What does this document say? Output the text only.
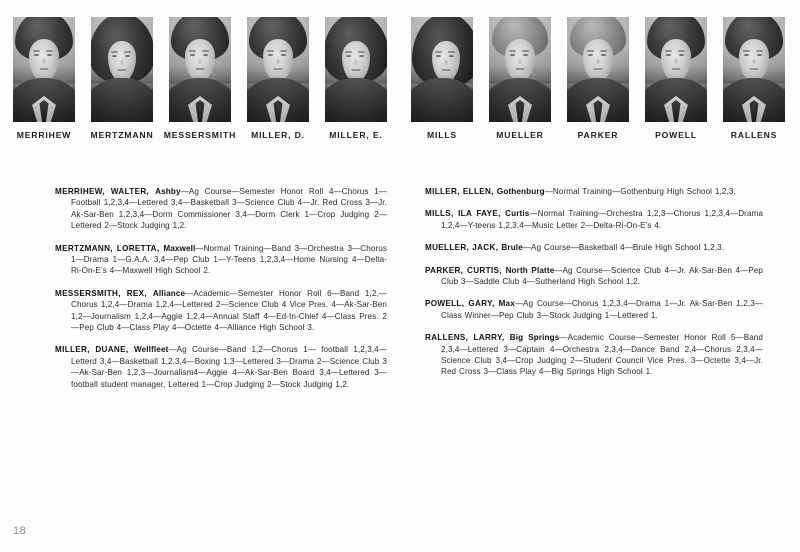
MERRIHEW	MERTZMANN	MESSERSMITH	MILLER, D.	MILLER, E.	MILLS	MUELLER	PARKER	POWELL	RALLENS

MERRIHEW, WALTER, Ashby—Ag Course—Semester Honor Roll 4—Chorus 1—Football 1,2,3,4—Lettered 3,4—Basketball 3—Science Club 4—Jr. Red Cross 3—Jr. Ak-Sar-Ben 1,2,3,4—Dorm Commissioner 3,4—Dorm Clerk 1—Crop Judging 2—Lettered 2—Stock Judging 1,2.

MERTZMANN, LORETTA, Maxwell—Normal Training—Band 3—Orchestra 3—Chorus 1—Drama 1—G.A.A. 3,4—Pep Club 1—Y-Teens 1,2,3,4—Home Nursing 4—Delta-Ri-On-E’s 4—Maxwell High School 2.

MESSERSMITH, REX, Alliance—Academic—Semester Honor Roll 6—Band 1,2,—Chorus 1,2,4—Drama 1,2,4—Lettered 2—Science Club 4 Vice Pres. 4—Ak-Sar-Ben 1,2—Journalism 1,2,4—Aggie 1,2,4—Annual Staff 4—Ed-In-Chief 4—Class Pres. 2—Pep Club 4—Class Play 4—Octette 4—Alliance High School 3.

MILLER, DUANE, Wellfleet—Ag Course—Band 1,2—Chorus 1— football 1,2,3,4—Letterd 3,4—Basketball 1,2,3,4—Boxing 1,3—Lettered 3—Drama 2—Science Club 3—Ak-Sar-Ben 1,2,3—Journalism4—Aggie 4—Ak-Sar-Ben Board 3,4—Lettered 3—football student manager, Lettered 1—Crop Judging 2—Stock Judging 1,2.

MILLER, ELLEN, Gothenburg—Normal Training—Gothenburg High School 1,2,3.

MILLS, ILA FAYE, Curtis—Normal Training—Orchestra 1,2,3—Chorus 1,2,3,4—Drama 1,2,4—Y-teens 1,2,3,4—Music Letter 2—Delta-Ri-On-E’s 4.

MUELLER, JACK, Brule—Ag Course—Basketball 4—Brule High School 1,2,3.

PARKER, CURTIS, North Platte—Ag Course—Science Club 4—Jr. Ak-Sar-Ben 4—Pep Club 3—Saddle Club 4—Sutherland High School 1,2.

POWELL, GARY, Max—Ag Course—Chorus 1,2,3,4—Drama 1—Jr. Ak-Sar-Ben 1,2,3—Class Winner—Pep Club 3—Stock Judging 1—Lettered 1.

RALLENS, LARRY, Big Springs—Academic Course—Semester Honor Roll 5—Band 2,3,4—Lettered 3—Captain 4—Orchestra 2,3,4—Dance Band 2,4—Chorus 2,3,4—Science Club 3,4—Crop Judging 2—Student Council Vice Pres. 3—Octette 3,4—Jr. Red Cross 3—Class Play 4—Big Springs High School 1.

18
